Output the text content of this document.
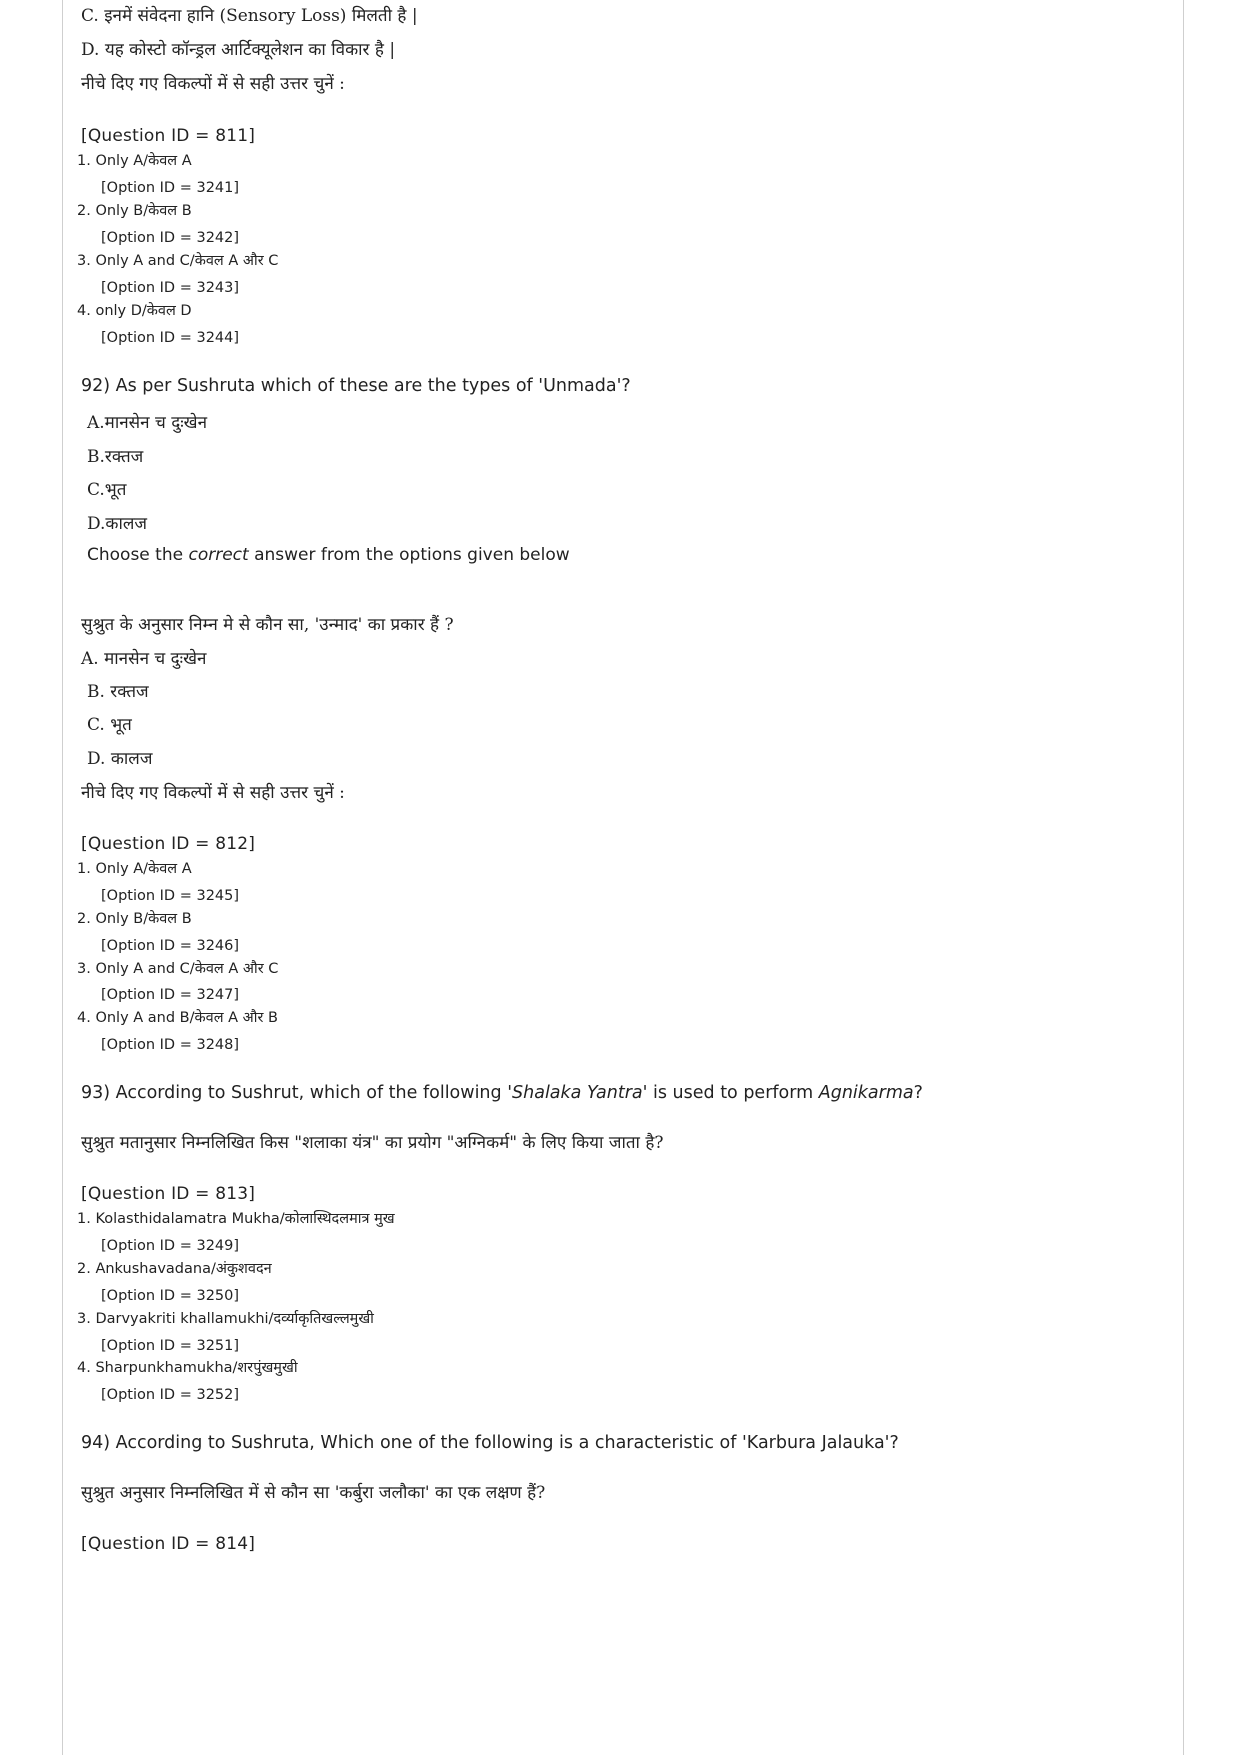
C. इनमें संवेदना हानि (Sensory Loss) मिलती है |
D. यह कोस्टो कॉन्ड्रल आर्टिक्यूलेशन का विकार है |
नीचे दिए गए विकल्पों में से सही उत्तर चुनें :
[Question ID = 811]
1. Only A/केवल A
[Option ID = 3241]
2. Only B/केवल B
[Option ID = 3242]
3. Only A and C/केवल A और C
[Option ID = 3243]
4. only D/केवल D
[Option ID = 3244]
92) As per Sushruta which of these are the types of 'Unmada'?
A.मानसेन च दुःखेन
B.रक्तज
C.भूत
D.कालज
Choose the correct answer from the options given below
सुश्रुत के अनुसार निम्न मे से कौन सा, 'उन्माद' का प्रकार हैं ?
A. मानसेन च दुःखेन
B. रक्तज
C. भूत
D. कालज
नीचे दिए गए विकल्पों में से सही उत्तर चुनें :
[Question ID = 812]
1. Only A/केवल A
[Option ID = 3245]
2. Only B/केवल B
[Option ID = 3246]
3. Only A and C/केवल A और C
[Option ID = 3247]
4. Only A and B/केवल A और B
[Option ID = 3248]
93) According to Sushrut, which of the following 'Shalaka Yantra' is used to perform Agnikarma?
सुश्रुत मतानुसार निम्नलिखित किस "शलाका यंत्र" का प्रयोग "अग्निकर्म" के लिए किया जाता है?
[Question ID = 813]
1. Kolasthidalamatra Mukha/कोलास्थिदलमात्र मुख
[Option ID = 3249]
2. Ankushavadana/अंकुशवदन
[Option ID = 3250]
3. Darvyakriti khallamukhi/दर्व्याकृतिखल्लमुखी
[Option ID = 3251]
4. Sharpunkhamukha/शरपुंखमुखी
[Option ID = 3252]
94) According to Sushruta, Which one of the following is a characteristic of 'Karbura Jalauka'?
सुश्रुत अनुसार निम्नलिखित में से कौन सा 'कर्बुरा जलौका' का एक लक्षण हैं?
[Question ID = 814]
